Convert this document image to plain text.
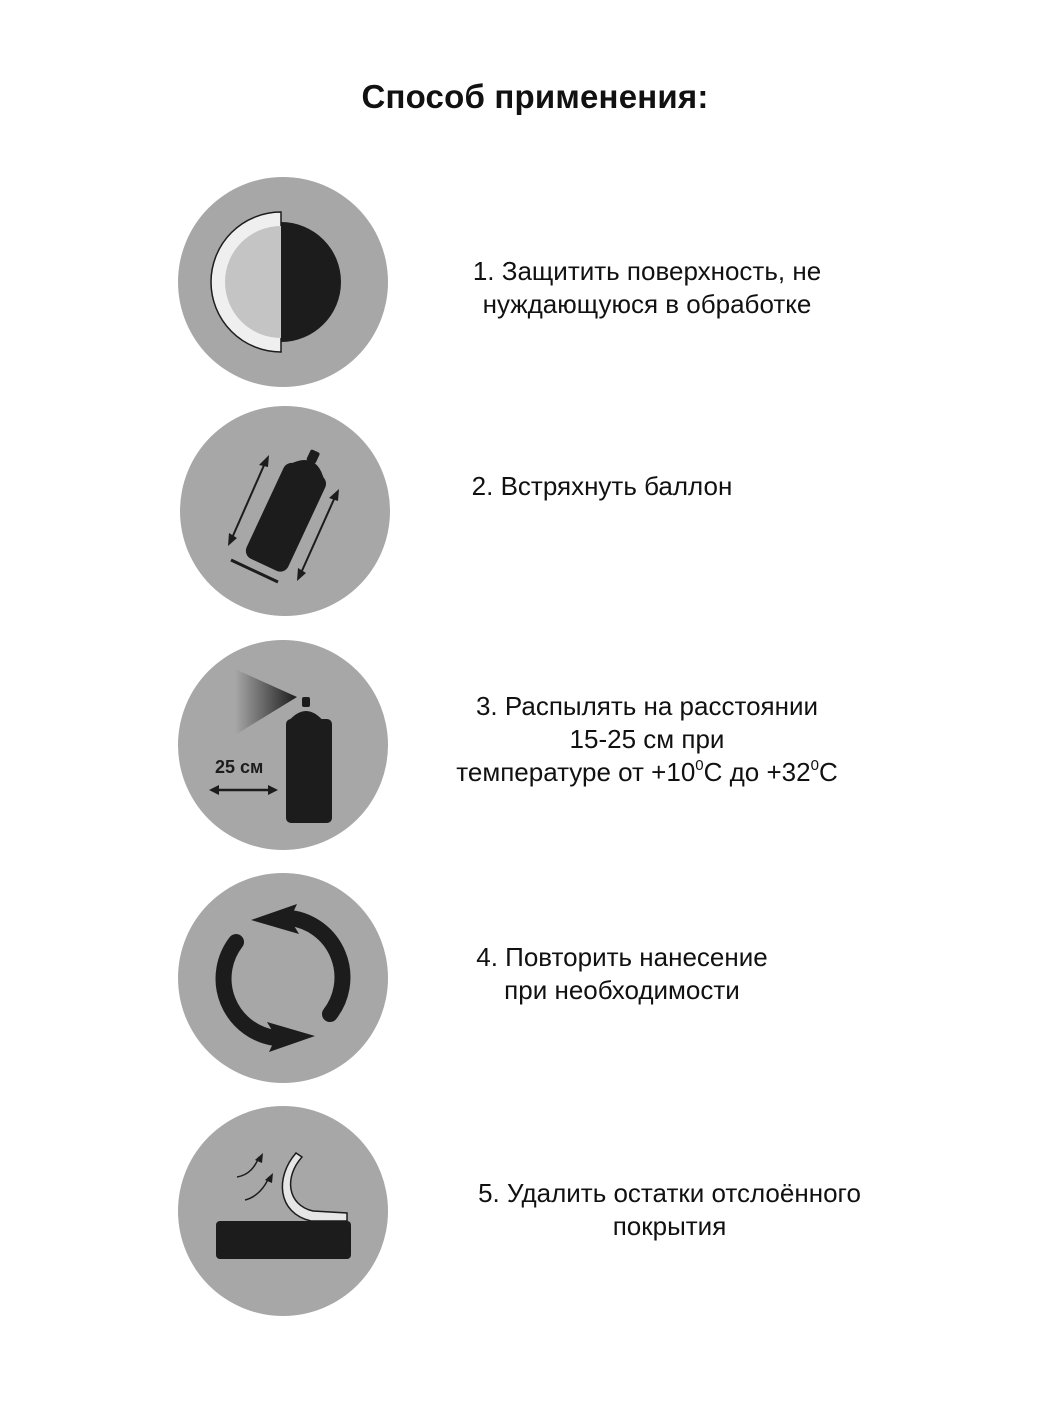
Способ применения:
1. Защитить поверхность, не
нуждающуюся в обработке
2. Встряхнуть баллон
25 см
3. Распылять на расстоянии
15-25 см при
температуре от $+10^0С$ до $+32^0С$
4. Повторить нанесение
при необходимости
5. Удалить остатки отслоённого
покрытия
